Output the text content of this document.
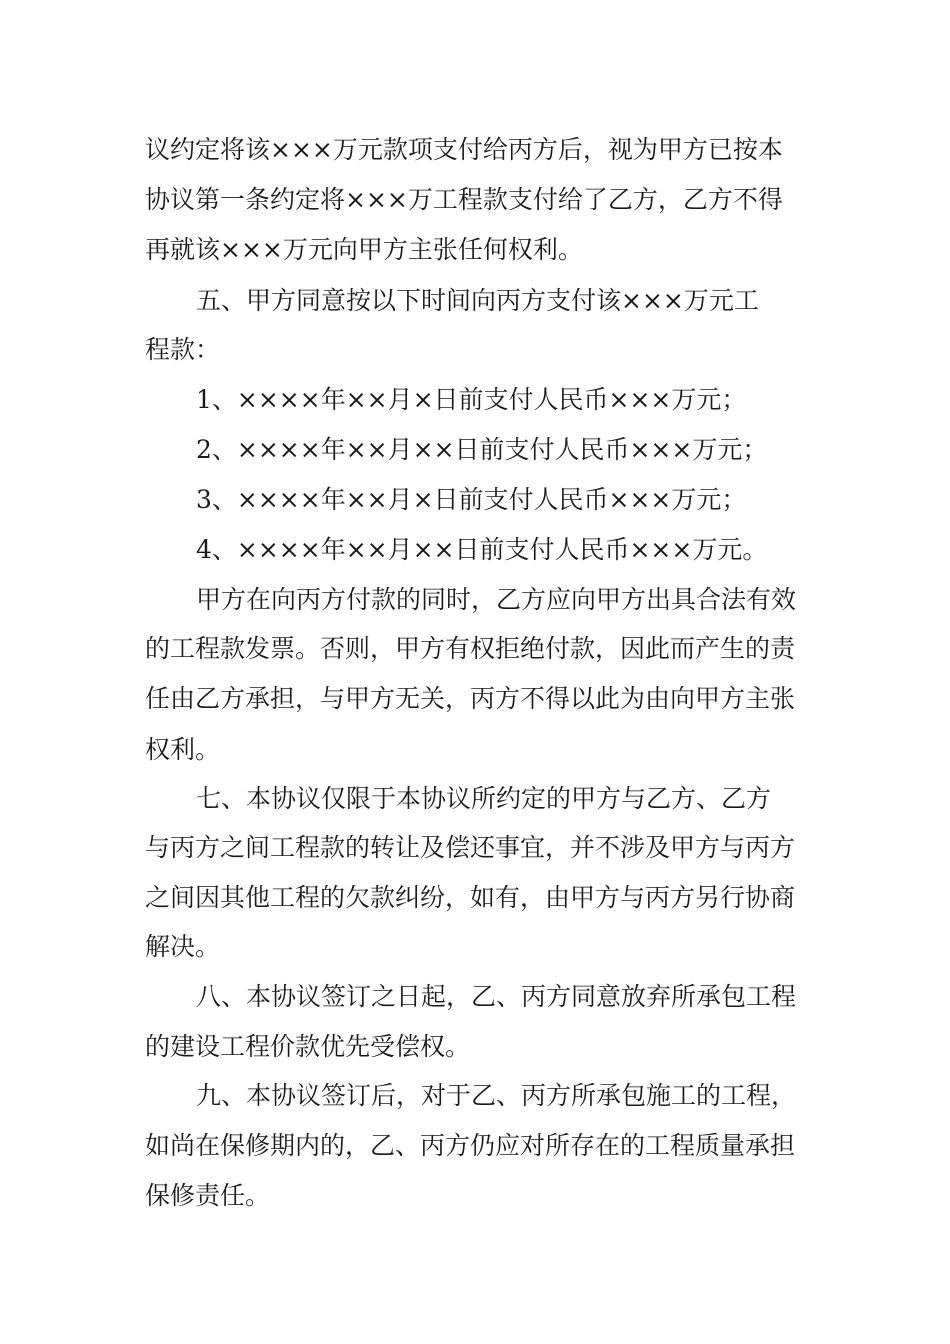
议约定将该×××万元款项支付给丙方后，视为甲方已按本
协议第一条约定将×××万工程款支付给了乙方，乙方不得
再就该×××万元向甲方主张任何权利。
五、甲方同意按以下时间向丙方支付该×××万元工
程款：
1、××××年××月×日前支付人民币×××万元；
2、××××年××月××日前支付人民币×××万元；
3、××××年××月×日前支付人民币×××万元；
4、××××年××月××日前支付人民币×××万元。
甲方在向丙方付款的同时，乙方应向甲方出具合法有效
的工程款发票。否则，甲方有权拒绝付款，因此而产生的责
任由乙方承担，与甲方无关，丙方不得以此为由向甲方主张
权利。
七、本协议仅限于本协议所约定的甲方与乙方、乙方
与丙方之间工程款的转让及偿还事宜，并不涉及甲方与丙方
之间因其他工程的欠款纠纷，如有，由甲方与丙方另行协商
解决。
八、本协议签订之日起，乙、丙方同意放弃所承包工程
的建设工程价款优先受偿权。
九、本协议签订后，对于乙、丙方所承包施工的工程，
如尚在保修期内的，乙、丙方仍应对所存在的工程质量承担
保修责任。
